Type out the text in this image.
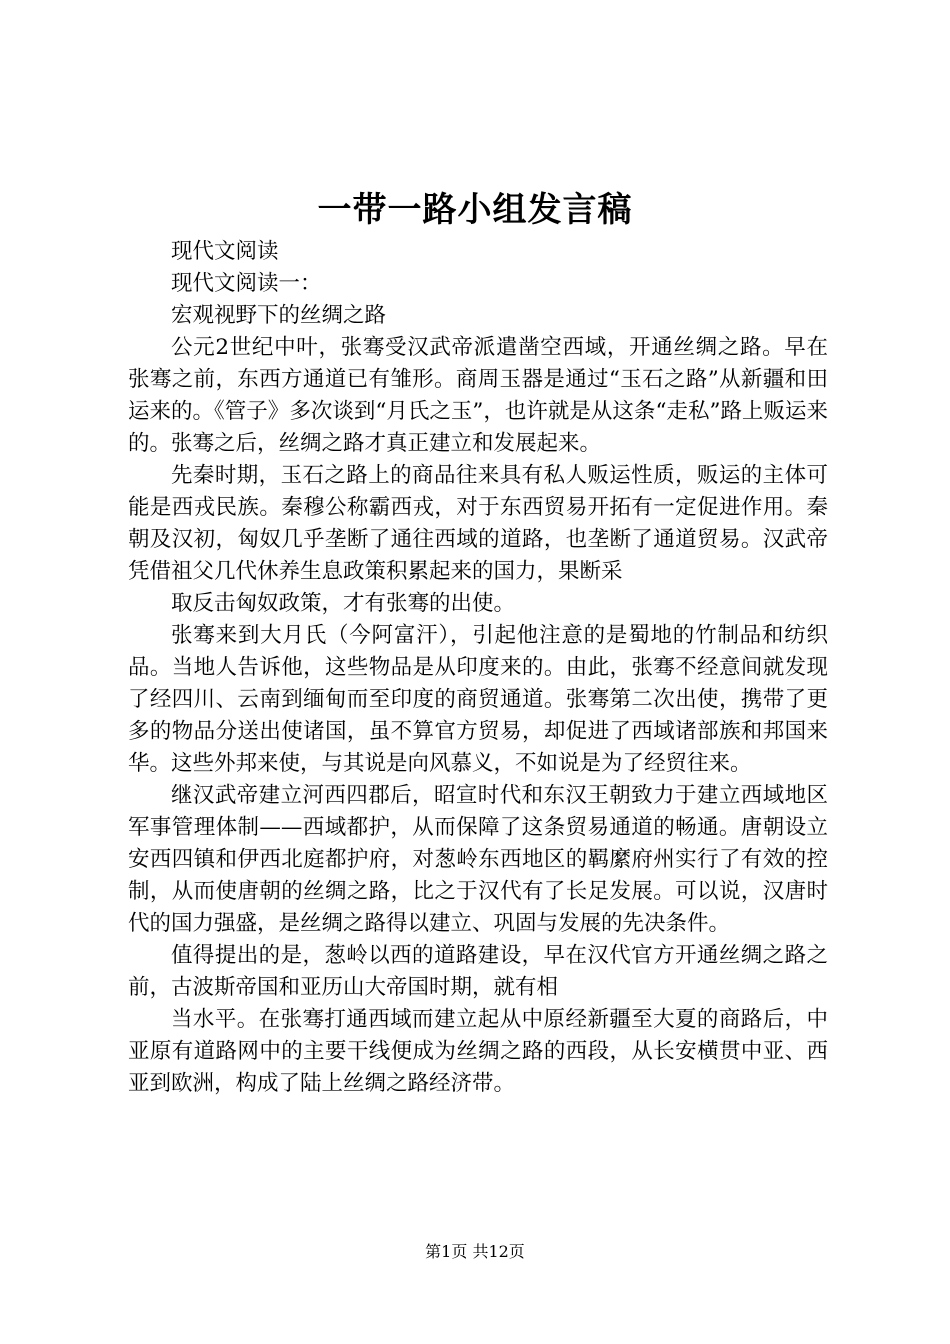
一带一路小组发言稿

现代文阅读

现代文阅读一：

宏观视野下的丝绸之路

公元2世纪中叶，张骞受汉武帝派遣凿空西域，开通丝绸之路。早在张骞之前，东西方通道已有雏形。商周玉器是通过“玉石之路”从新疆和田运来的。《管子》多次谈到“月氏之玉”，也许就是从这条“走私”路上贩运来的。张骞之后，丝绸之路才真正建立和发展起来。

先秦时期，玉石之路上的商品往来具有私人贩运性质，贩运的主体可能是西戎民族。秦穆公称霸西戎，对于东西贸易开拓有一定促进作用。秦朝及汉初，匈奴几乎垄断了通往西域的道路，也垄断了通道贸易。汉武帝凭借祖父几代休养生息政策积累起来的国力，果断采

取反击匈奴政策，才有张骞的出使。

张骞来到大月氏（今阿富汗），引起他注意的是蜀地的竹制品和纺织品。当地人告诉他，这些物品是从印度来的。由此，张骞不经意间就发现了经四川、云南到缅甸而至印度的商贸通道。张骞第二次出使，携带了更多的物品分送出使诸国，虽不算官方贸易，却促进了西域诸部族和邦国来华。这些外邦来使，与其说是向风慕义，不如说是为了经贸往来。

继汉武帝建立河西四郡后，昭宣时代和东汉王朝致力于建立西域地区军事管理体制——西域都护，从而保障了这条贸易通道的畅通。唐朝设立安西四镇和伊西北庭都护府，对葱岭东西地区的羁縻府州实行了有效的控制，从而使唐朝的丝绸之路，比之于汉代有了长足发展。可以说，汉唐时代的国力强盛，是丝绸之路得以建立、巩固与发展的先决条件。

值得提出的是，葱岭以西的道路建设，早在汉代官方开通丝绸之路之前，古波斯帝国和亚历山大帝国时期，就有相

当水平。在张骞打通西域而建立起从中原经新疆至大夏的商路后，中亚原有道路网中的主要干线便成为丝绸之路的西段，从长安横贯中亚、西亚到欧洲，构成了陆上丝绸之路经济带。

第1页 共12页
